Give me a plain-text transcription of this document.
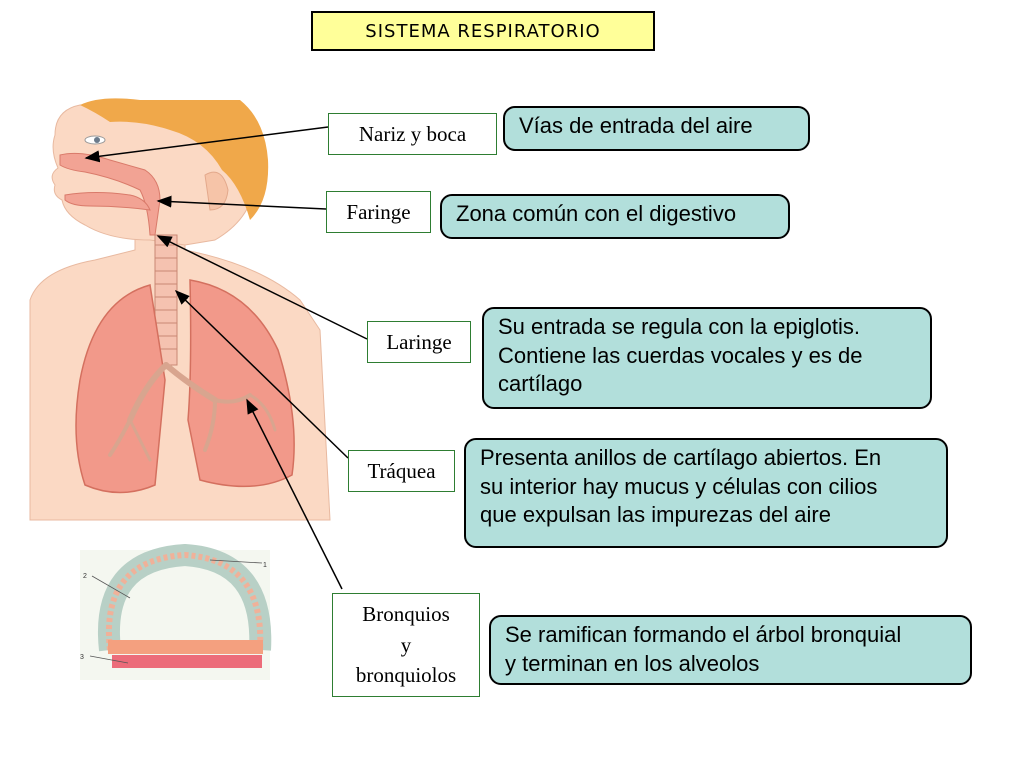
1
2
3
SISTEMA RESPIRATORIO
Nariz y boca
Faringe
Laringe
Tráquea
Bronquios
y
bronquiolos
Vías de entrada del aire
Zona común con el digestivo
Su entrada se regula con la epiglotis.
Contiene las cuerdas vocales y es de
cartílago
Presenta anillos de cartílago abiertos. En
su interior hay mucus y células con cilios
que expulsan las impurezas del aire
Se ramifican formando el árbol bronquial
y terminan en los alveolos
